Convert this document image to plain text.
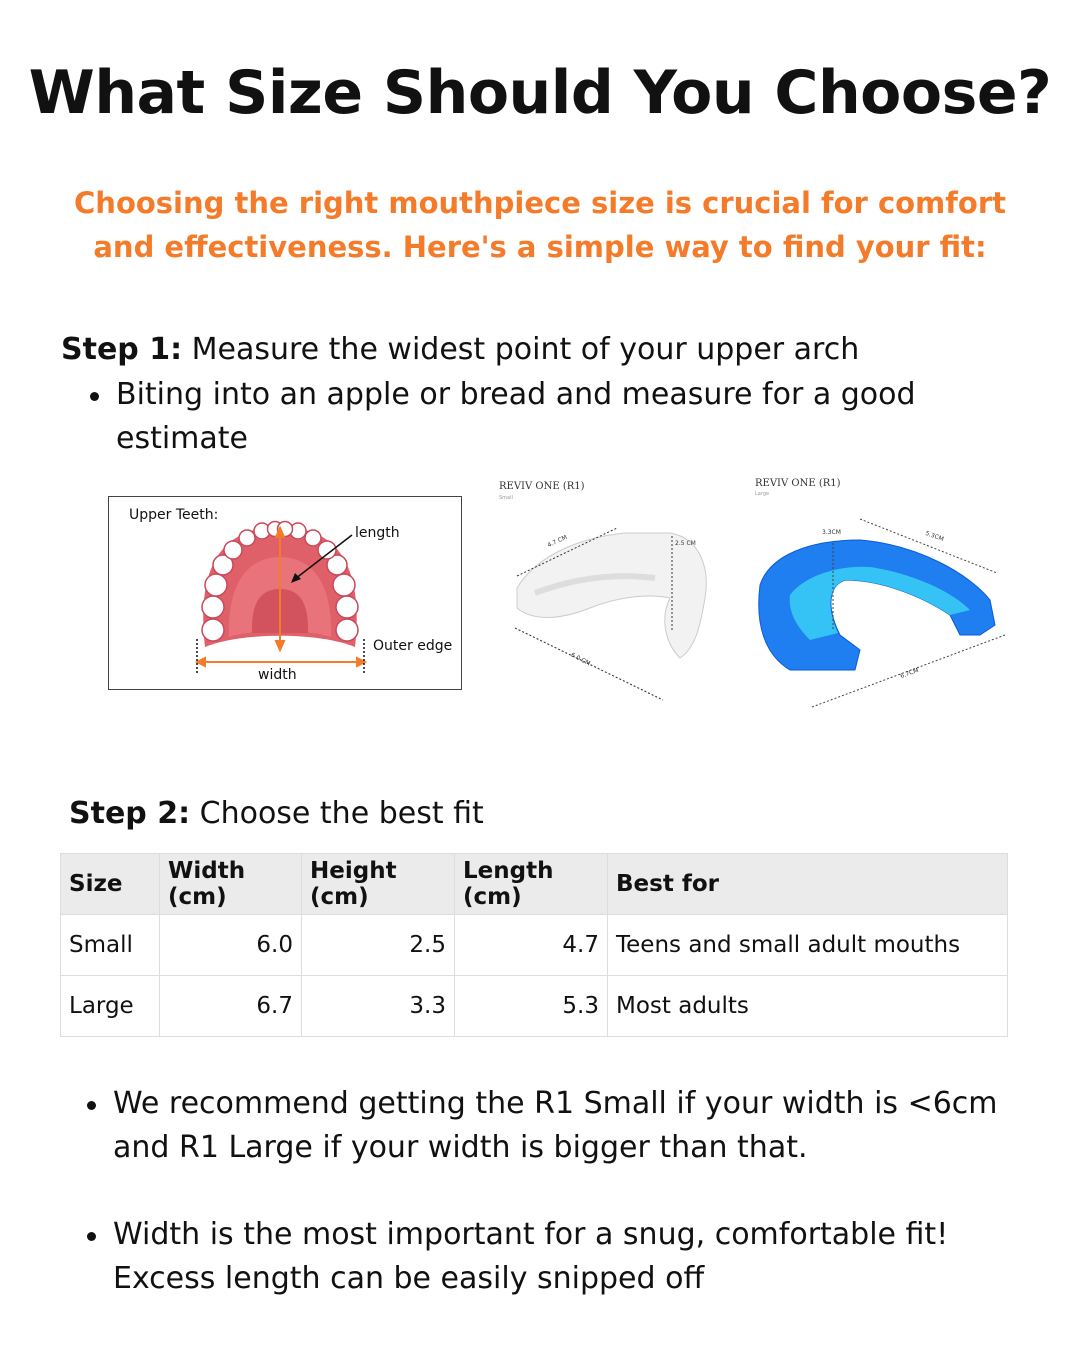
What Size Should You Choose?
Choosing the right mouthpiece size is crucial for comfort and effectiveness. Here's a simple way to find your fit:
Step 1: Measure the widest point of your upper arch
Biting into an apple or bread and measure for a good estimate
Upper Teeth:
length
Outer edge
width
REVIV ONE (R1)
Small
4.7 CM	2.5 CM
6.0 CM
REVIV ONE (R1)
Large
3.3CM	5.3CM
6.7CM
Step 2: Choose the best fit
Size	Width (cm)	Height (cm)	Length (cm)	Best for
Small	6.0	2.5	4.7	Teens and small adult mouths
Large	6.7	3.3	5.3	Most adults
We recommend getting the R1 Small if your width is <6cm and R1 Large if your width is bigger than that.
Width is the most important for a snug, comfortable fit! Excess length can be easily snipped off
